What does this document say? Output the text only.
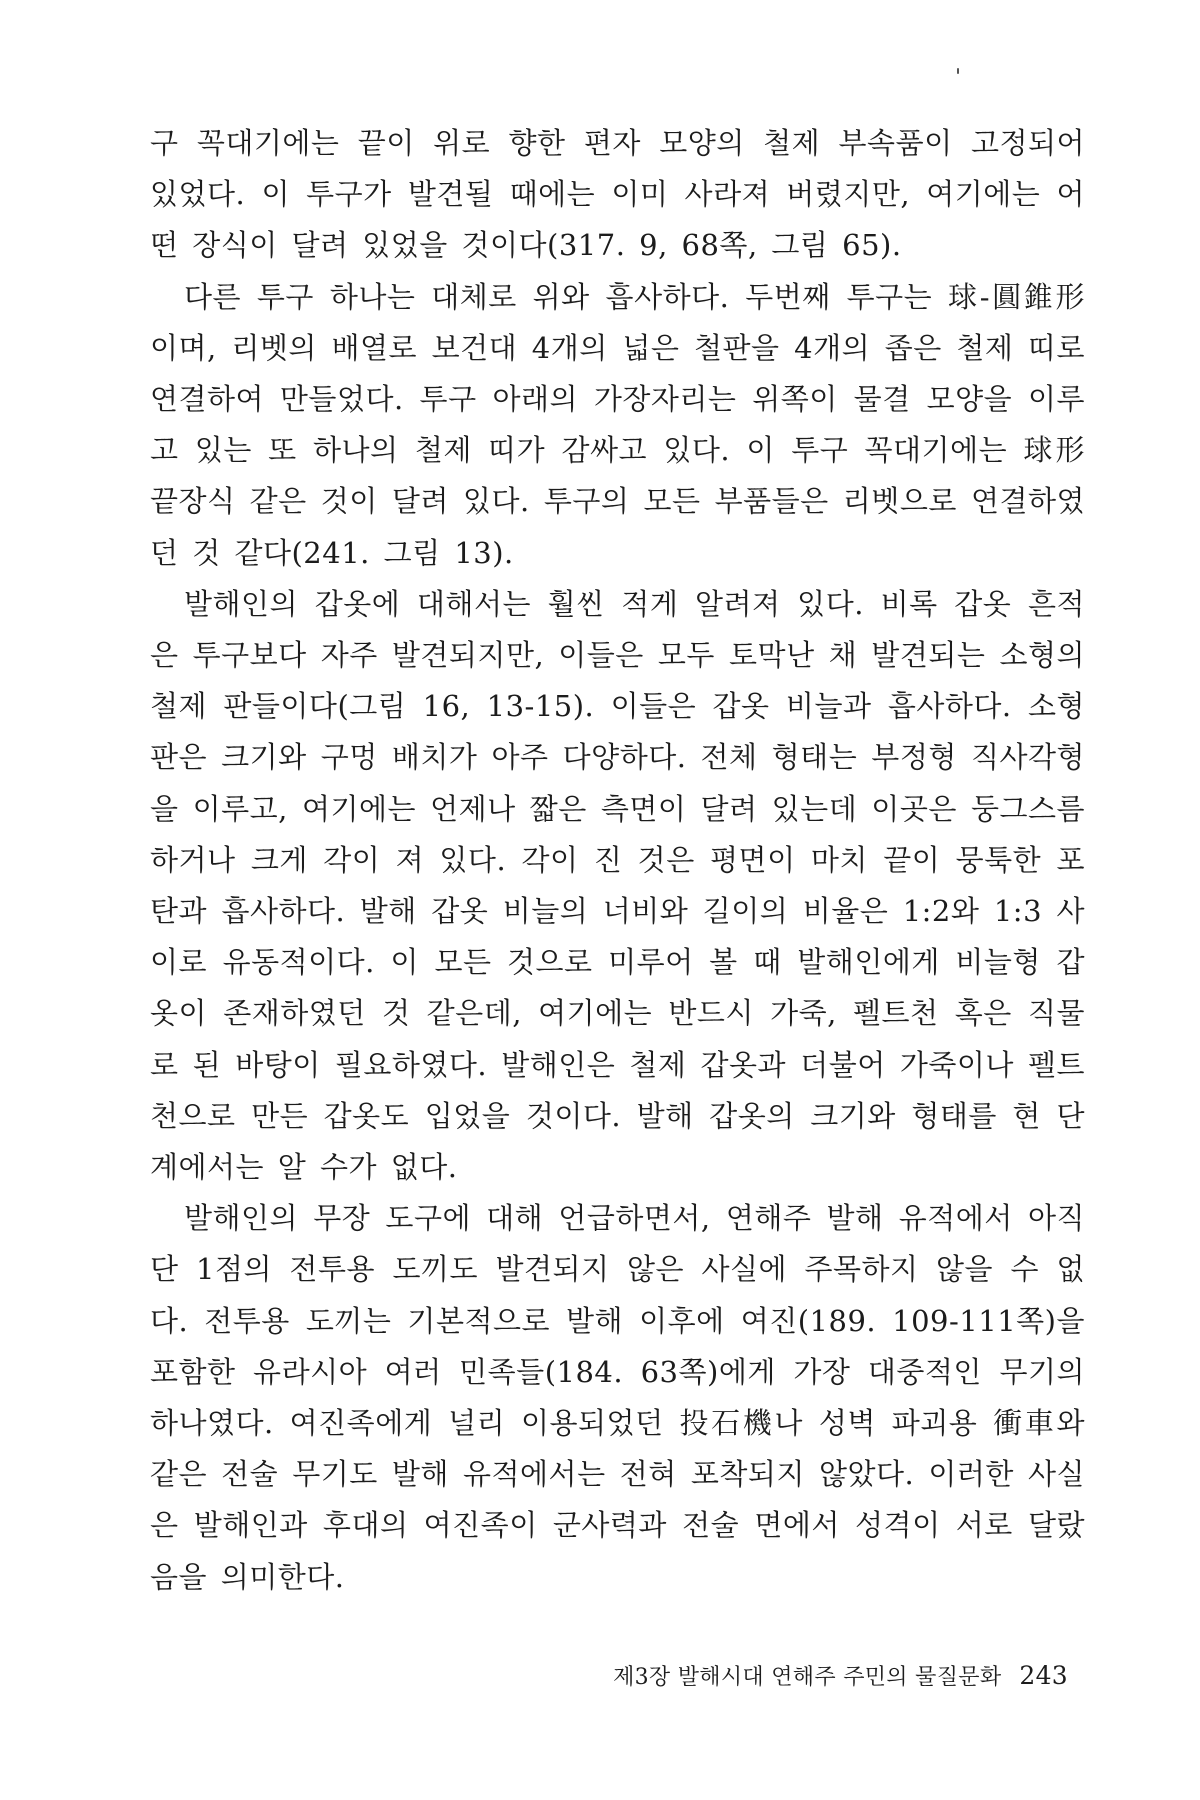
구 꼭대기에는 끝이 위로 향한 편자 모양의 철제 부속품이 고정되어 있었다. 이 투구가 발견될 때에는 이미 사라져 버렸지만, 여기에는 어떤 장식이 달려 있었을 것이다(317. 9, 68쪽, 그림 65).

다른 투구 하나는 대체로 위와 흡사하다. 두번째 투구는 球-圓錐形이며, 리벳의 배열로 보건대 4개의 넓은 철판을 4개의 좁은 철제 띠로 연결하여 만들었다. 투구 아래의 가장자리는 위쪽이 물결 모양을 이루고 있는 또 하나의 철제 띠가 감싸고 있다. 이 투구 꼭대기에는 球形 끝장식 같은 것이 달려 있다. 투구의 모든 부품들은 리벳으로 연결하였던 것 같다(241. 그림 13).

발해인의 갑옷에 대해서는 훨씬 적게 알려져 있다. 비록 갑옷 흔적은 투구보다 자주 발견되지만, 이들은 모두 토막난 채 발견되는 소형의 철제 판들이다(그림 16, 13-15). 이들은 갑옷 비늘과 흡사하다. 소형판은 크기와 구멍 배치가 아주 다양하다. 전체 형태는 부정형 직사각형을 이루고, 여기에는 언제나 짧은 측면이 달려 있는데 이곳은 둥그스름하거나 크게 각이 져 있다. 각이 진 것은 평면이 마치 끝이 뭉툭한 포탄과 흡사하다. 발해 갑옷 비늘의 너비와 길이의 비율은 1:2와 1:3 사이로 유동적이다. 이 모든 것으로 미루어 볼 때 발해인에게 비늘형 갑옷이 존재하였던 것 같은데, 여기에는 반드시 가죽, 펠트천 혹은 직물로 된 바탕이 필요하였다. 발해인은 철제 갑옷과 더불어 가죽이나 펠트천으로 만든 갑옷도 입었을 것이다. 발해 갑옷의 크기와 형태를 현 단계에서는 알 수가 없다.

발해인의 무장 도구에 대해 언급하면서, 연해주 발해 유적에서 아직 단 1점의 전투용 도끼도 발견되지 않은 사실에 주목하지 않을 수 없다. 전투용 도끼는 기본적으로 발해 이후에 여진(189. 109-111쪽)을 포함한 유라시아 여러 민족들(184. 63쪽)에게 가장 대중적인 무기의 하나였다. 여진족에게 널리 이용되었던 投石機나 성벽 파괴용 衝車와 같은 전술 무기도 발해 유적에서는 전혀 포착되지 않았다. 이러한 사실은 발해인과 후대의 여진족이 군사력과 전술 면에서 성격이 서로 달랐음을 의미한다.

제3장 발해시대 연해주 주민의 물질문화 243
